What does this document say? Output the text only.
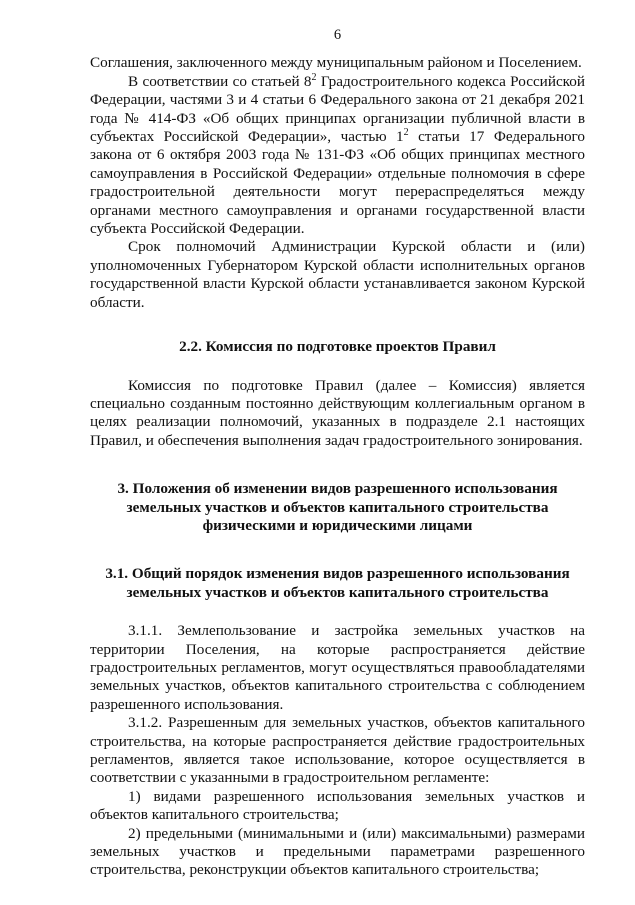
6

Соглашения, заключенного между муниципальным районом и Поселением.

В соответствии со статьей $8^2$ Градостроительного кодекса Российской Федерации, частями 3 и 4 статьи 6 Федерального закона от 21 декабря 2021 года № 414-ФЗ «Об общих принципах организации публичной власти в субъектах Российской Федерации», частью $1^2$ статьи 17 Федерального закона от 6 октября 2003 года № 131-ФЗ «Об общих принципах местного самоуправления в Российской Федерации» отдельные полномочия в сфере градостроительной деятельности могут перераспределяться между органами местного самоуправления и органами государственной власти субъекта Российской Федерации.

Срок полномочий Администрации Курской области и (или) уполномоченных Губернатором Курской области исполнительных органов государственной власти Курской области устанавливается законом Курской области.

2.2. Комиссия по подготовке проектов Правил

Комиссия по подготовке Правил (далее – Комиссия) является специально созданным постоянно действующим коллегиальным органом в целях реализации полномочий, указанных в подразделе 2.1 настоящих Правил, и обеспечения выполнения задач градостроительного зонирования.

3. Положения об изменении видов разрешенного использования земельных участков и объектов капитального строительства физическими и юридическими лицами

3.1. Общий порядок изменения видов разрешенного использования земельных участков и объектов капитального строительства

3.1.1. Землепользование и застройка земельных участков на территории Поселения, на которые распространяется действие градостроительных регламентов, могут осуществляться правообладателями земельных участков, объектов капитального строительства с соблюдением разрешенного использования.

3.1.2. Разрешенным для земельных участков, объектов капитального строительства, на которые распространяется действие градостроительных регламентов, является такое использование, которое осуществляется в соответствии с указанными в градостроительном регламенте:

1) видами разрешенного использования земельных участков и объектов капитального строительства;

2) предельными (минимальными и (или) максимальными) размерами земельных участков и предельными параметрами разрешенного строительства, реконструкции объектов капитального строительства;
